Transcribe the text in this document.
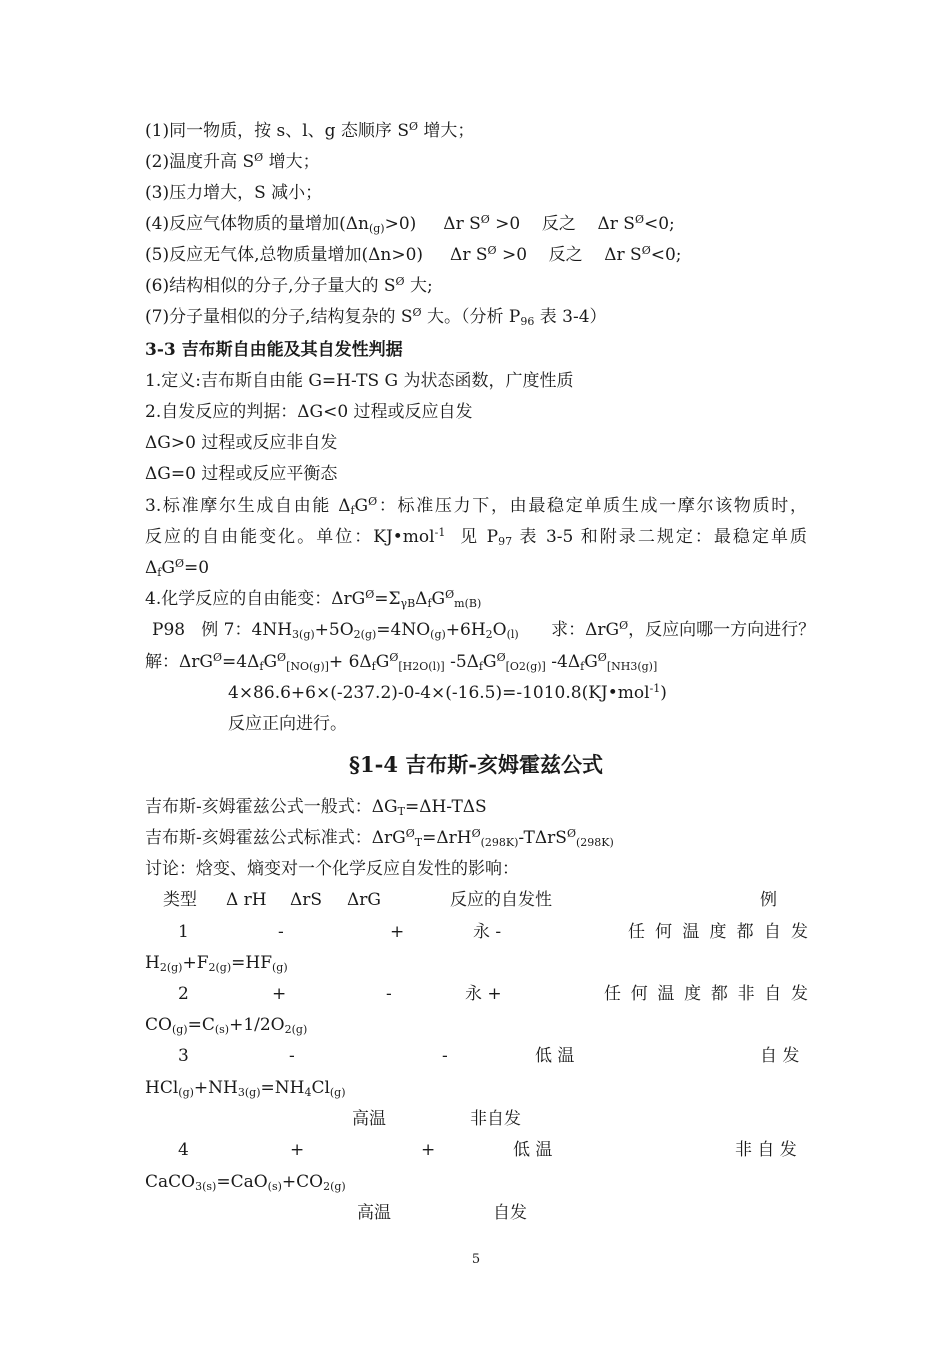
(1)同一物质，按 s、l、g 态顺序 $S^Ø$ 增大；
(2)温度升高 $S^Ø$ 增大；
(3)压力增大，S 减小；
(4)反应气体物质的量增加$(\Delta n_{(g)}>0)$     Δr $S^Ø >0$    反之    Δr $S^Ø<0$;
(5)反应无气体,总物质量增加(Δn>0)     Δr $S^Ø >0$    反之    Δr $S^Ø<0$;
(6)结构相似的分子,分子量大的 $S^Ø$ 大;
(7)分子量相似的分子,结构复杂的 $S^Ø$ 大。（分析 $P_{96}$ 表 3-4）
3-3 吉布斯自由能及其自发性判据
1.定义:吉布斯自由能 G=H-TS G 为状态函数，广度性质
2.自发反应的判据：ΔG<0 过程或反应自发
ΔG>0 过程或反应非自发
ΔG=0 过程或反应平衡态
3.标准摩尔生成自由能 $\Delta_fG^Ø$：标准压力下，由最稳定单质生成一摩尔该物质时，
反应的自由能变化。单位：KJ•mol$^{-1}$  见 $P_{97}$ 表 3-5 和附录二规定：最稳定单质
$\Delta_fG^Ø=0$
4.化学反应的自由能变：$\Delta rG^Ø=\Sigma_{\gamma B}\Delta_fG^Ø_{m(B)}$
P98   例 7：$4NH_{3(g)}+5O_{2(g)}=4NO_{(g)}+6H_2O_{(l)}$      求：ΔrG$^Ø$，反应向哪一方向进行？
解：$\Delta rG^Ø=4\Delta_fG^Ø_{[NO(g)]}+ 6\Delta_fG^Ø_{[H2O(l)]}$ $-5\Delta_fG^Ø_{[O2(g)]}$ $-4\Delta_fG^Ø_{[NH3(g)]}$
4×86.6+6×(-237.2)-0-4×(-16.5)=-1010.8(KJ•mol$^{-1}$)
反应正向进行。
§1-4 吉布斯-亥姆霍兹公式
吉布斯-亥姆霍兹公式一般式：$\Delta G_T=\Delta H$-TΔS
吉布斯-亥姆霍兹公式标准式：ΔrG$^Ø_T$=ΔrH$^Ø_{(298K)}$-TΔrS$^Ø_{(298K)}$
讨论：焓变、熵变对一个化学反应自发性的影响：
类型 Δ rH ΔrS ΔrG	反应的自发性	例
1	-	+	永 -	任何温度都自发
$H_{2(g)}+F_{2(g)}=HF_{(g)}$
2	+	-	永 +	任何温度都非自发
$CO_{(g)}=C_{(s)}+1/2O_{2(g)}$
3	-	-	低 温	自 发
$HCl_{(g)}+NH_{3(g)}=NH_4Cl_{(g)}$
高温	非自发
4	+	+	低 温	非 自 发
$CaCO_{3(s)}=CaO_{(s)}+CO_{2(g)}$
高温	自发
5
